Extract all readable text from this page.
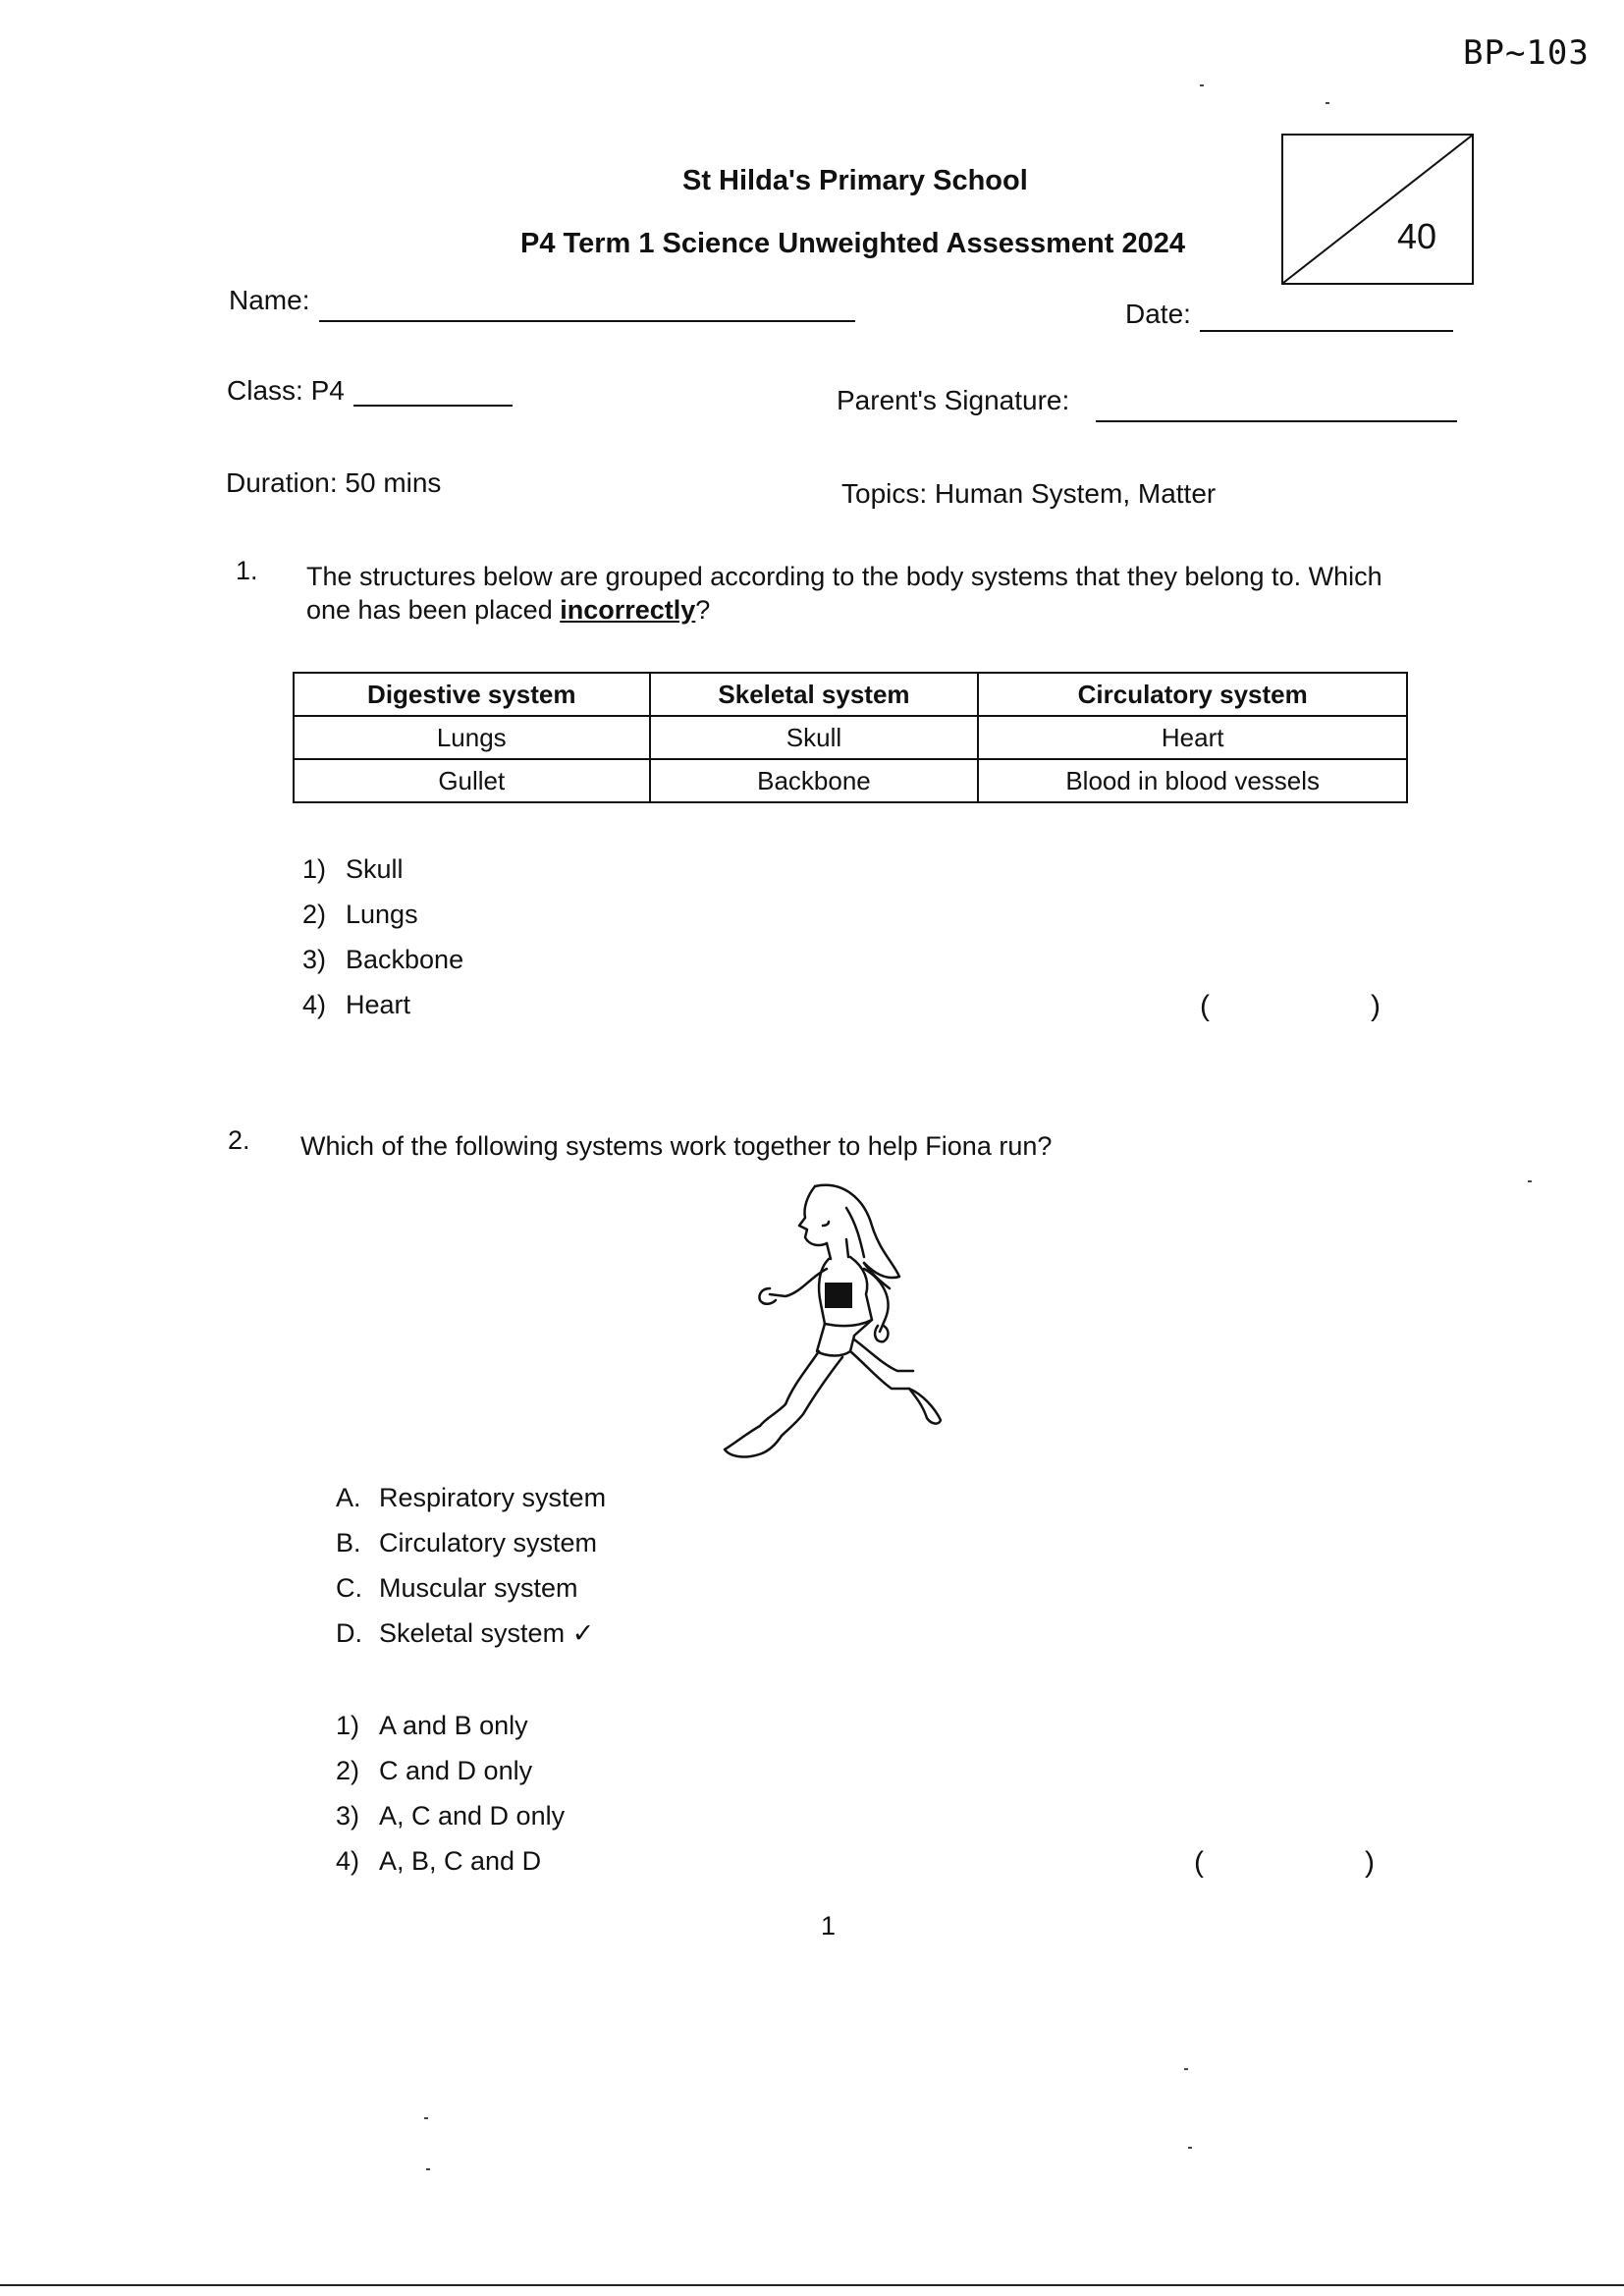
BP~103
St Hilda's Primary School
P4 Term 1 Science Unweighted Assessment 2024	40
Name:	Date:
Class: P4	Parent's Signature:
Duration: 50 mins	Topics: Human System, Matter
1. The structures below are grouped according to the body systems that they belong to. Which
one has been placed incorrectly?
Digestive system	Skeletal system	Circulatory system
Lungs	Skull	Heart
Gullet	Backbone	Blood in blood vessels
1) Skull
2) Lungs
3) Backbone
4) Heart	(	)
2. Which of the following systems work together to help Fiona run?
A. Respiratory system
B. Circulatory system
C. Muscular system
D. Skeletal system ✓
1) A and B only
2) C and D only
3) A, C and D only
4) A, B, C and D	(	)
1
